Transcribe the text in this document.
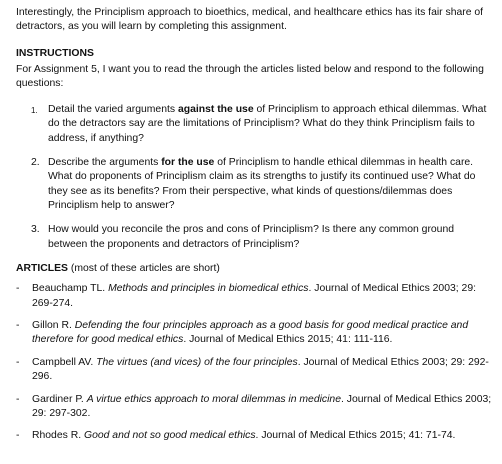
Interestingly, the Principlism approach to bioethics, medical, and healthcare ethics has its fair share of detractors, as you will learn by completing this assignment.

INSTRUCTIONS

For Assignment 5, I want you to read the through the articles listed below and respond to the following questions:

1. Detail the varied arguments against the use of Principlism to approach ethical dilemmas. What do the detractors say are the limitations of Principlism? What do they think Principlism fails to address, if anything?
2. Describe the arguments for the use of Principlism to handle ethical dilemmas in health care. What do proponents of Principlism claim as its strengths to justify its continued use? What do they see as its benefits? From their perspective, what kinds of questions/dilemmas does Principlism help to answer?
3. How would you reconcile the pros and cons of Principlism? Is there any common ground between the proponents and detractors of Principlism?
ARTICLES (most of these articles are short)
- Beauchamp TL. Methods and principles in biomedical ethics. Journal of Medical Ethics 2003; 29: 269-274.
- Gillon R. Defending the four principles approach as a good basis for good medical practice and therefore for good medical ethics. Journal of Medical Ethics 2015; 41: 111-116.
- Campbell AV. The virtues (and vices) of the four principles. Journal of Medical Ethics 2003; 29: 292-296.
- Gardiner P. A virtue ethics approach to moral dilemmas in medicine. Journal of Medical Ethics 2003; 29: 297-302.
- Rhodes R. Good and not so good medical ethics. Journal of Medical Ethics 2015; 41: 71-74.
